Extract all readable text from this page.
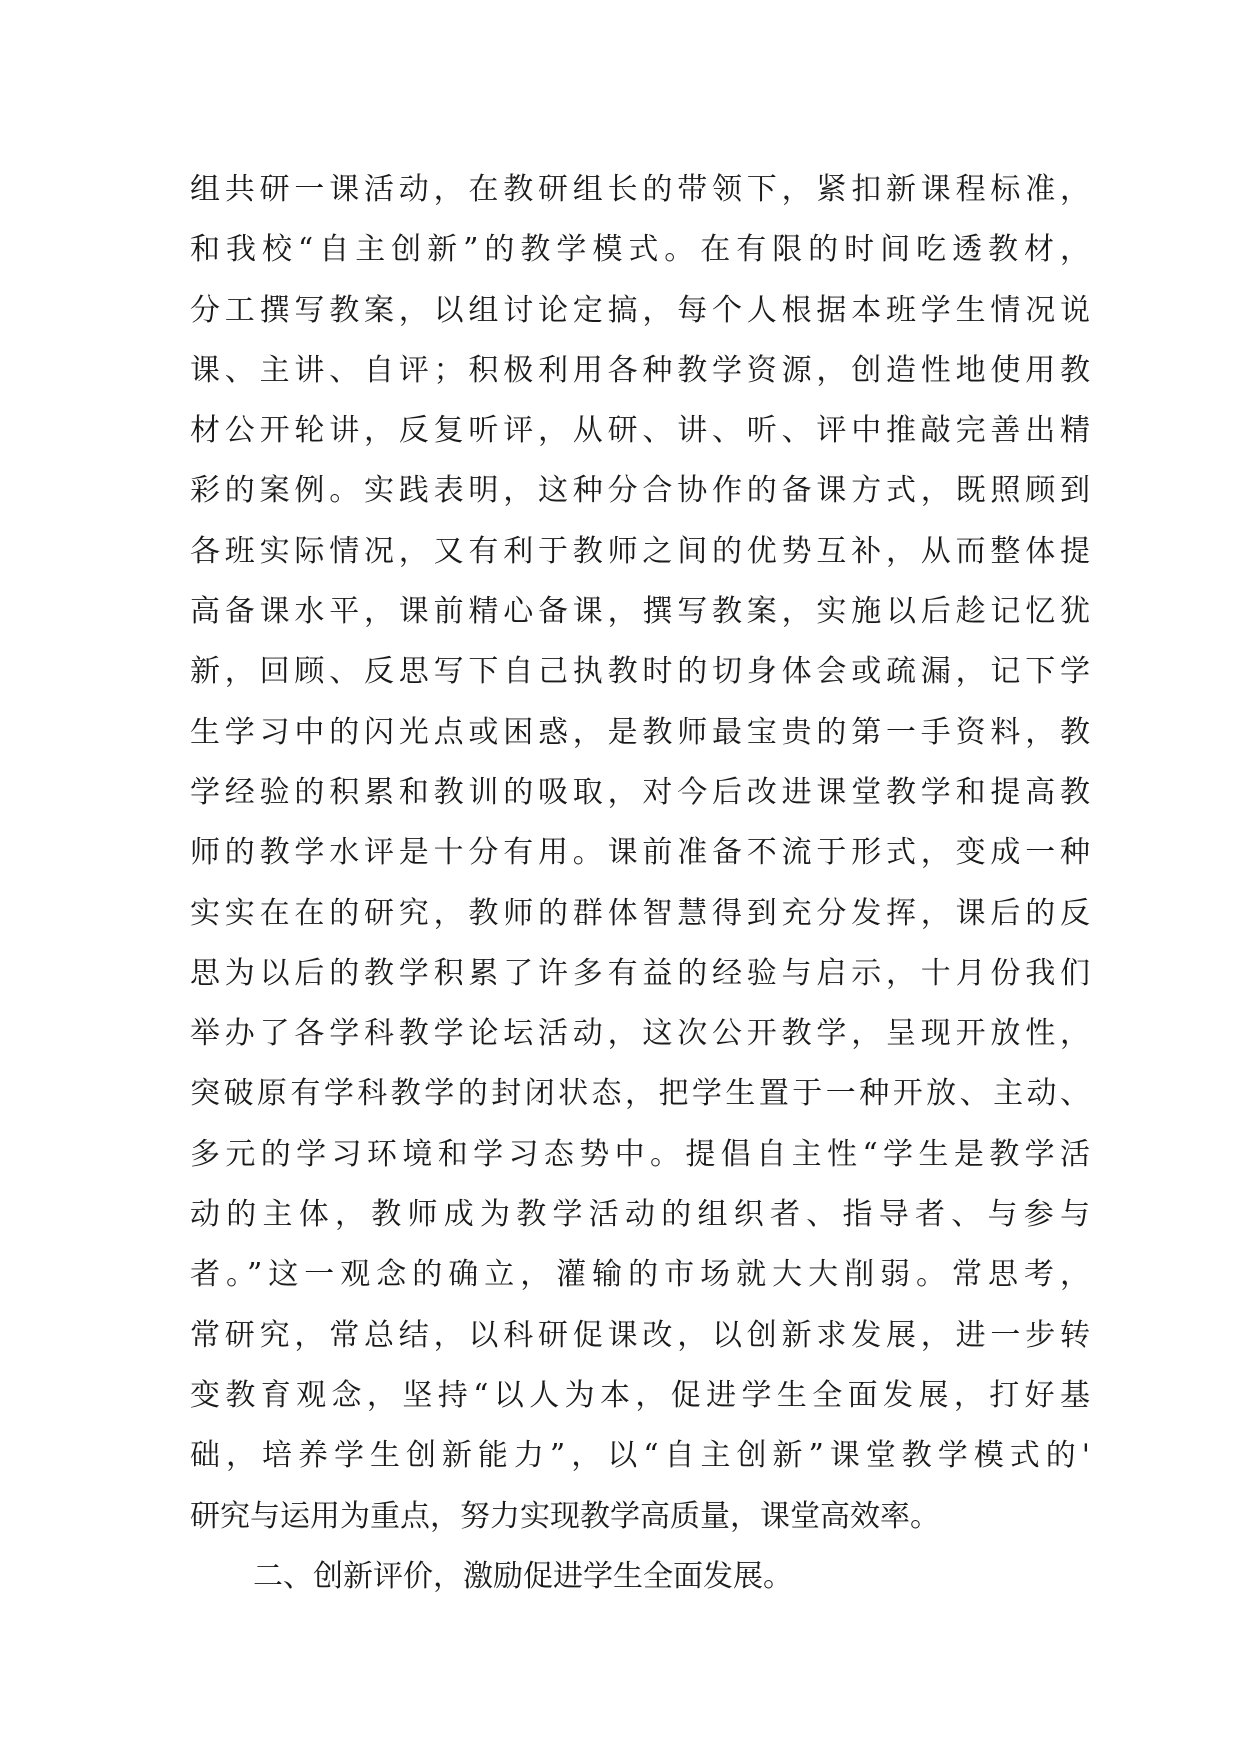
组共研一课活动，在教研组长的带领下，紧扣新课程标准，
和我校“自主创新”的教学模式。在有限的时间吃透教材，
分工撰写教案，以组讨论定搞，每个人根据本班学生情况说
课、主讲、自评；积极利用各种教学资源，创造性地使用教
材公开轮讲，反复听评，从研、讲、听、评中推敲完善出精
彩的案例。实践表明，这种分合协作的备课方式，既照顾到
各班实际情况，又有利于教师之间的优势互补，从而整体提
高备课水平，课前精心备课，撰写教案，实施以后趁记忆犹
新，回顾、反思写下自己执教时的切身体会或疏漏，记下学
生学习中的闪光点或困惑，是教师最宝贵的第一手资料，教
学经验的积累和教训的吸取，对今后改进课堂教学和提高教
师的教学水评是十分有用。课前准备不流于形式，变成一种
实实在在的研究，教师的群体智慧得到充分发挥，课后的反
思为以后的教学积累了许多有益的经验与启示，十月份我们
举办了各学科教学论坛活动，这次公开教学，呈现开放性，
突破原有学科教学的封闭状态，把学生置于一种开放、主动、
多元的学习环境和学习态势中。提倡自主性“学生是教学活
动的主体，教师成为教学活动的组织者、指导者、与参与
者。”这一观念的确立，灌输的市场就大大削弱。常思考，
常研究，常总结，以科研促课改，以创新求发展，进一步转
变教育观念，坚持“以人为本，促进学生全面发展，打好基
础，培养学生创新能力”，以“自主创新”课堂教学模式的'
研究与运用为重点，努力实现教学高质量，课堂高效率。
二、创新评价，激励促进学生全面发展。
